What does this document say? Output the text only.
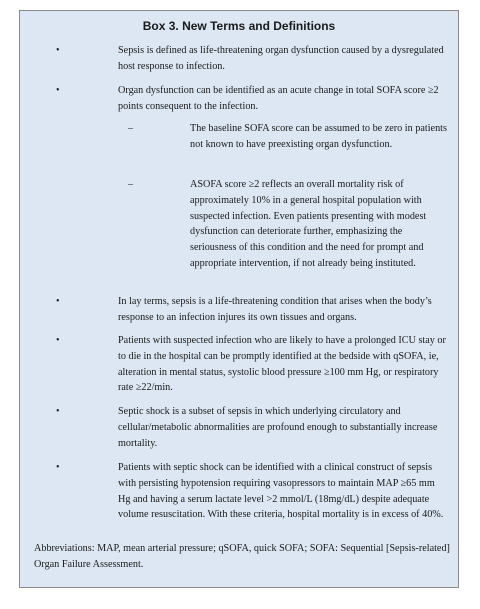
Box 3. New Terms and Definitions
•	Sepsis is defined as life-threatening organ dysfunction caused by a dysregulated host response to infection.
•	Organ dysfunction can be identified as an acute change in total SOFA score ≥2 points consequent to the infection.
–	The baseline SOFA score can be assumed to be zero in patients not known to have preexisting organ dysfunction.
–	ASOFA score ≥2 reflects an overall mortality risk of approximately 10% in a general hospital population with suspected infection. Even patients presenting with modest dysfunction can deteriorate further, emphasizing the seriousness of this condition and the need for prompt and appropriate intervention, if not already being instituted.
•	In lay terms, sepsis is a life-threatening condition that arises when the body’s response to an infection injures its own tissues and organs.
•	Patients with suspected infection who are likely to have a prolonged ICU stay or to die in the hospital can be promptly identified at the bedside with qSOFA, ie, alteration in mental status, systolic blood pressure ≥100 mm Hg, or respiratory rate ≥22/min.
•	Septic shock is a subset of sepsis in which underlying circulatory and cellular/metabolic abnormalities are profound enough to substantially increase mortality.
•	Patients with septic shock can be identified with a clinical construct of sepsis with persisting hypotension requiring vasopressors to maintain MAP ≥65 mm Hg and having a serum lactate level >2 mmol/L (18mg/dL) despite adequate volume resuscitation. With these criteria, hospital mortality is in excess of 40%.
Abbreviations: MAP, mean arterial pressure; qSOFA, quick SOFA; SOFA: Sequential [Sepsis-related] Organ Failure Assessment.
